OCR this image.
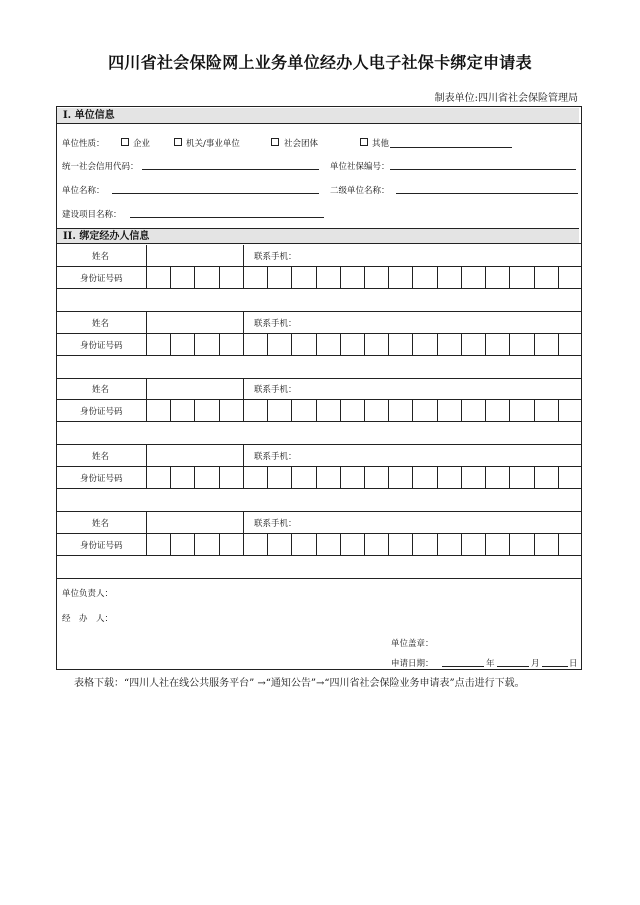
四川省社会保险网上业务单位经办人电子社保卡绑定申请表
制表单位:四川省社会保险管理局
I. 单位信息
单位性质：	企业	机关/事业单位	社会团体	其他
统一社会信用代码：	单位社保编号：
单位名称：	二级单位名称：
建设项目名称：
II. 绑定经办人信息
姓名	联系手机：
身份证号码
姓名	联系手机：
身份证号码
姓名	联系手机：
身份证号码
姓名	联系手机：
身份证号码
姓名	联系手机：
身份证号码
单位负责人：
经　办　人：
单位盖章：
申请日期：	年	月	日
表格下载：“四川人社在线公共服务平台” →“通知公告”→“四川省社会保险业务申请表”点击进行下载。
